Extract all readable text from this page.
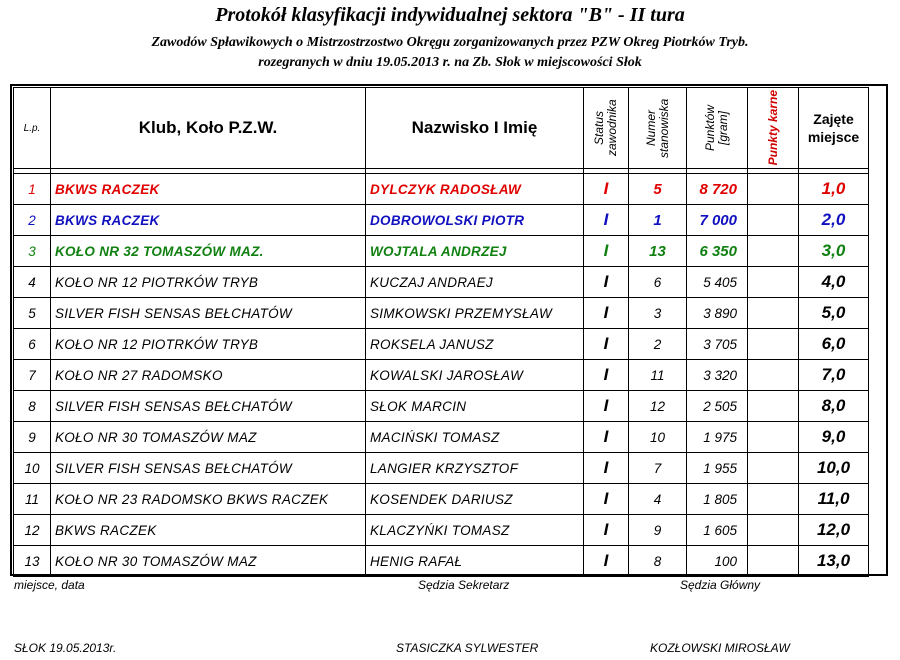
Protokół klasyfikacji indywidualnej sektora "B" - II tura
Zawodów Spławikowych o Mistrzostrzostwo Okręgu zorganizowanych przez PZW Okreg Piotrków Tryb.
rozegranych w dniu 19.05.2013 r. na Zb. Słok w miejscowości Słok
L.p.	Klub, Koło P.Z.W.	Nazwisko I Imię	Status zawodnika	Numer stanowiska	Punktów [gram]	Punkty karne	Zajęte miejsce

1	BKWS RACZEK	DYLCZYK RADOSŁAW	I	5	8 720		1,0
2	BKWS RACZEK	DOBROWOLSKI PIOTR	I	1	7 000		2,0
3	KOŁO NR 32 TOMASZÓW MAZ.	WOJTALA ANDRZEJ	I	13	6 350		3,0
4	KOŁO NR 12 PIOTRKÓW TRYB	KUCZAJ ANDRAEJ	I	6	5 405		4,0
5	SILVER FISH SENSAS BEŁCHATÓW	SIMKOWSKI PRZEMYSŁAW	I	3	3 890		5,0
6	KOŁO NR 12 PIOTRKÓW TRYB	ROKSELA JANUSZ	I	2	3 705		6,0
7	KOŁO NR 27 RADOMSKO	KOWALSKI JAROSŁAW	I	11	3 320		7,0
8	SILVER FISH SENSAS BEŁCHATÓW	SŁOK MARCIN	I	12	2 505		8,0
9	KOŁO NR 30 TOMASZÓW MAZ	MACIŃSKI TOMASZ	I	10	1 975		9,0
10	SILVER FISH SENSAS BEŁCHATÓW	LANGIER KRZYSZTOF	I	7	1 955		10,0
11	KOŁO NR 23 RADOMSKO BKWS RACZEK	KOSENDEK DARIUSZ	I	4	1 805		11,0
12	BKWS RACZEK	KLACZYŃKI TOMASZ	I	9	1 605		12,0
13	KOŁO NR 30 TOMASZÓW MAZ	HENIG RAFAŁ	I	8	100		13,0
miejsce, data	Sędzia Sekretarz	Sędzia Główny
SŁOK 19.05.2013r.	STASICZKA SYLWESTER	KOZŁOWSKI MIROSŁAW
